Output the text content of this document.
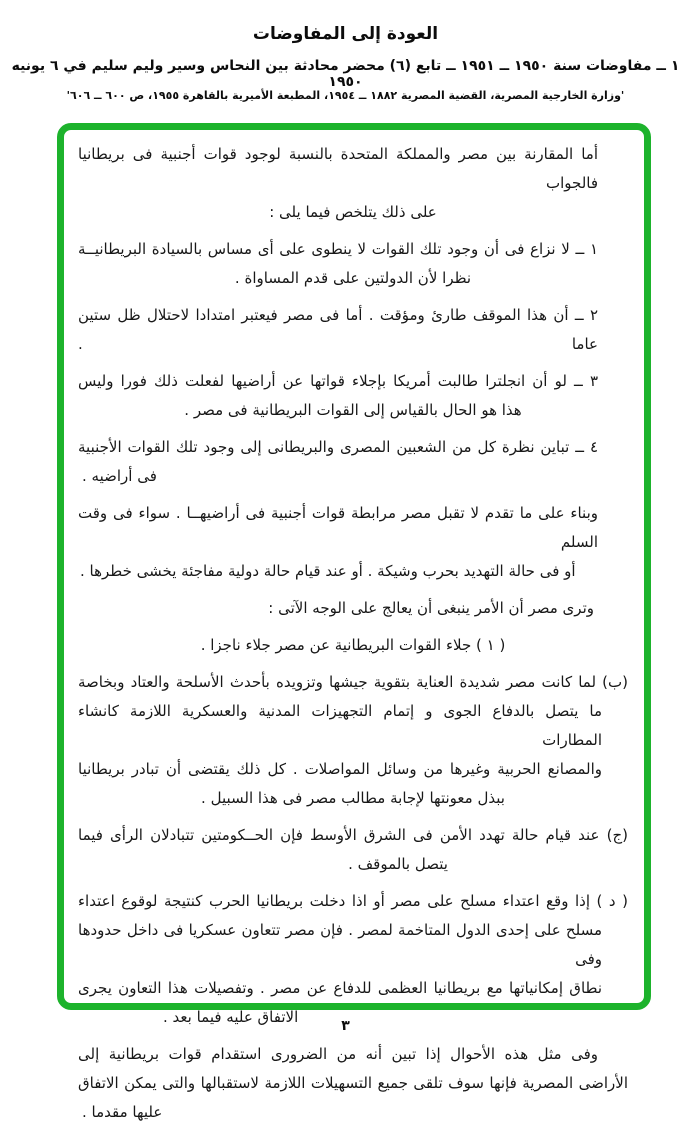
العودة إلى المفاوضات
١ ــ مفاوضات سنة ١٩٥٠ ــ ١٩٥١ ــ تابع (٦) محضر محادثة بين النحاس وسير وليم سليم في ٦ يونيه ١٩٥٠
'وزارة الخارجية المصرية، القضية المصرية ١٨٨٢ ــ ١٩٥٤، المطبعة الأميرية بالقاهرة ١٩٥٥، ص ٦٠٠ ــ ٦٠٦'
أما المقارنة بين مصر والمملكة المتحدة بالنسبة لوجود قوات أجنبية فى بريطانيا فالجواب
على ذلك يتلخص فيما يلى :
١ ــ لا نزاع فى أن وجود تلك القوات لا ينطوى على أى مساس بالسيادة البريطانيــة
نظرا لأن الدولتين على قدم المساواة .
٢ ــ أن هذا الموقف طارئ ومؤقت . أما فى مصر فيعتبر امتدادا لاحتلال ظل ستين عاما .
٣ ــ لو أن انجلترا طالبت أمريكا بإجلاء قواتها عن أراضيها لفعلت ذلك فورا وليس
هذا هو الحال بالقياس إلى القوات البريطانية فى مصر .
٤ ــ تباين نظرة كل من الشعبين المصرى والبريطانى إلى وجود تلك القوات الأجنبية
فى أراضيه .
وبناء على ما تقدم لا تقبل مصر مرابطة قوات أجنبية فى أراضيهــا . سواء فى وقت السلم
أو فى حالة التهديد بحرب وشيكة . أو عند قيام حالة دولية مفاجئة يخشى خطرها .
وترى مصر أن الأمر ينبغى أن يعالج على الوجه الآتى :
( ١ ) جلاء القوات البريطانية عن مصر جلاء ناجزا .
(ب) لما كانت مصر شديدة العناية بتقوية جيشها وتزويده بأحدث الأسلحة والعتاد وبخاصة
ما يتصل بالدفاع الجوى و إتمام التجهيزات المدنية والعسكرية اللازمة كانشاء المطارات
والمصانع الحربية وغيرها من وسائل المواصلات . كل ذلك يقتضى أن تبادر بريطانيا
ببذل معونتها لإجابة مطالب مصر فى هذا السبيل .
(ج) عند قيام حالة تهدد الأمن فى الشرق الأوسط فإن الحــكومتين تتبادلان الرأى فيما
يتصل بالموقف .
( د ) إذا وقع اعتداء مسلح على مصر أو اذا دخلت بريطانيا الحرب كنتيجة لوقوع اعتداء
مسلح على إحدى الدول المتاخمة لمصر . فإن مصر تتعاون عسكريا فى داخل حدودها وفى
نطاق إمكانياتها مع بريطانيا العظمى للدفاع عن مصر . وتفصيلات هذا التعاون يجرى
الاتفاق عليه فيما بعد .
وفى مثل هذه الأحوال إذا تبين أنه من الضرورى استقدام قوات بريطانية إلى
الأراضى المصرية فإنها سوف تلقى جميع التسهيلات اللازمة لاستقبالها والتى يمكن الاتفاق
عليها مقدما .
٣
